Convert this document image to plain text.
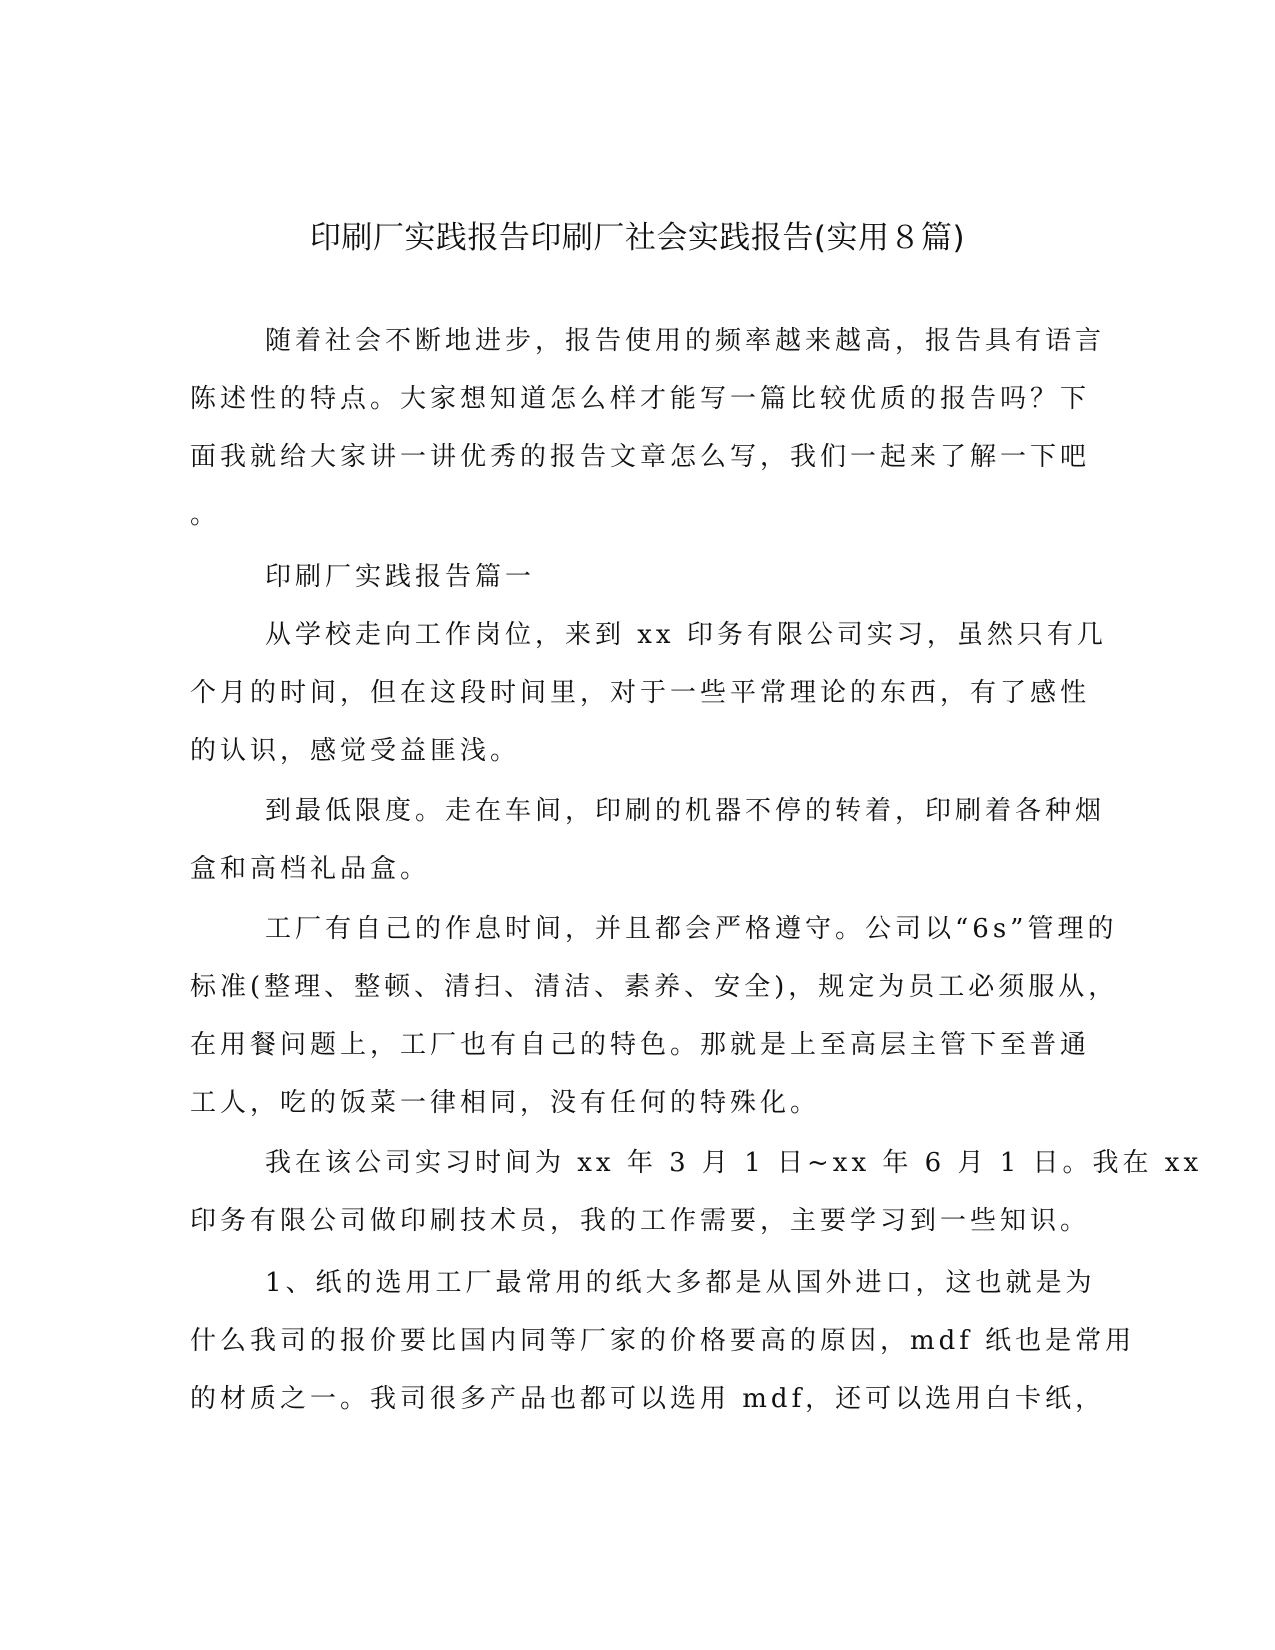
印刷厂实践报告印刷厂社会实践报告(实用８篇)
随着社会不断地进步，报告使用的频率越来越高，报告具有语言
陈述性的特点。大家想知道怎么样才能写一篇比较优质的报告吗？下
面我就给大家讲一讲优秀的报告文章怎么写，我们一起来了解一下吧
。
印刷厂实践报告篇一
从学校走向工作岗位，来到 xx 印务有限公司实习，虽然只有几
个月的时间，但在这段时间里，对于一些平常理论的东西，有了感性
的认识，感觉受益匪浅。
到最低限度。走在车间，印刷的机器不停的转着，印刷着各种烟
盒和高档礼品盒。
工厂有自己的作息时间，并且都会严格遵守。公司以“6s”管理的
标准(整理、整顿、清扫、清洁、素养、安全)，规定为员工必须服从，
在用餐问题上，工厂也有自己的特色。那就是上至高层主管下至普通
工人，吃的饭菜一律相同，没有任何的特殊化。
我在该公司实习时间为 xx 年 3 月 1 日~xx 年 6 月 1 日。我在 xx
印务有限公司做印刷技术员，我的工作需要，主要学习到一些知识。
1、纸的选用工厂最常用的纸大多都是从国外进口，这也就是为
什么我司的报价要比国内同等厂家的价格要高的原因，mdf 纸也是常用
的材质之一。我司很多产品也都可以选用 mdf，还可以选用白卡纸，
